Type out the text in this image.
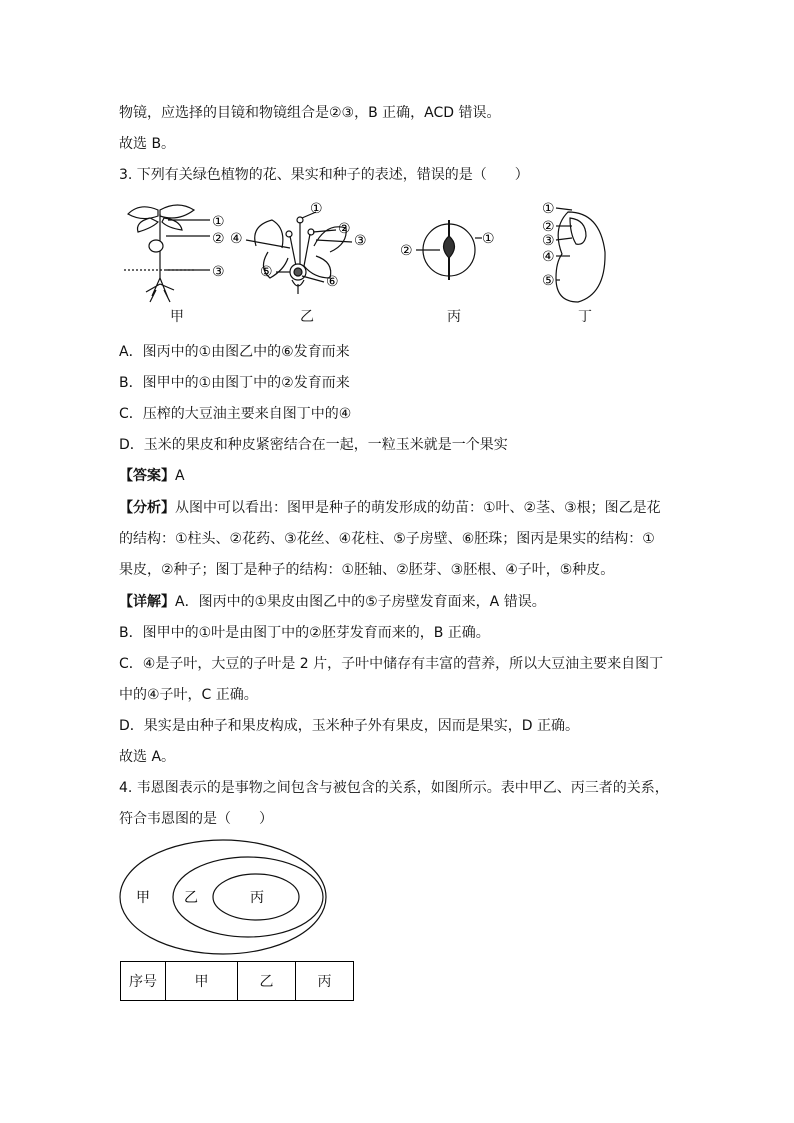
物镜，应选择的目镜和物镜组合是②③，B 正确，ACD 错误。
故选 B。
3. 下列有关绿色植物的花、果实和种子的表述，错误的是（　　）
①
②
③
①
②
③
④
⑤
⑥
①
②
①
②
③
④
⑤
甲	乙	丙	丁
A．图丙中的①由图乙中的⑥发育而来
B．图甲中的①由图丁中的②发育而来
C．压榨的大豆油主要来自图丁中的④
D．玉米的果皮和种皮紧密结合在一起，一粒玉米就是一个果实
【答案】A
【分析】从图中可以看出：图甲是种子的萌发形成的幼苗：①叶、②茎、③根；图乙是花
的结构：①柱头、②花药、③花丝、④花柱、⑤子房壁、⑥胚珠；图丙是果实的结构：①
果皮，②种子；图丁是种子的结构：①胚轴、②胚芽、③胚根、④子叶，⑤种皮。
【详解】A．图丙中的①果皮由图乙中的⑤子房壁发育面来，A 错误。
B．图甲中的①叶是由图丁中的②胚芽发育而来的，B 正确。
C．④是子叶，大豆的子叶是 2 片，子叶中储存有丰富的营养，所以大豆油主要来自图丁
中的④子叶，C 正确。
D．果实是由种子和果皮构成，玉米种子外有果皮，因而是果实，D 正确。
故选 A。
4. 韦恩图表示的是事物之间包含与被包含的关系，如图所示。表中甲乙、丙三者的关系，
符合韦恩图的是（　　）
甲 乙	丙
序号	甲	乙	丙
